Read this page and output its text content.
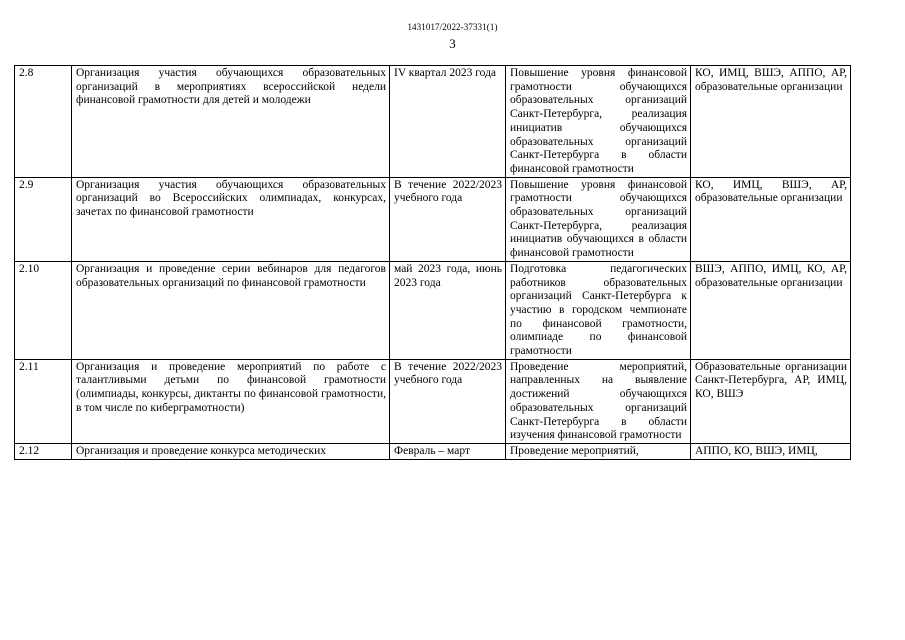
1431017/2022-37331(1)
3
2.8	Организация участия обучающихся образовательных организаций в мероприятиях всероссийской недели финансовой грамотности для детей и молодежи	IV квартал 2023 года	Повышение уровня финансовой грамотности обучающихся образовательных организаций Санкт-Петербурга, реализация инициатив обучающихся образовательных организаций Санкт-Петербурга в области финансовой грамотности	КО, ИМЦ, ВШЭ, АППО, АР, образовательные организации
2.9	Организация участия обучающихся образовательных организаций во Всероссийских олимпиадах, конкурсах, зачетах по финансовой грамотности	В течение 2022/2023 учебного года	Повышение уровня финансовой грамотности обучающихся образовательных организаций Санкт-Петербурга, реализация инициатив обучающихся в области финансовой грамотности	КО, ИМЦ, ВШЭ, АР, образовательные организации
2.10	Организация и проведение серии вебинаров для педагогов образовательных организаций по финансовой грамотности	май 2023 года, июнь 2023 года	Подготовка педагогических работников образовательных организаций Санкт-Петербурга к участию в городском чемпионате по финансовой грамотности, олимпиаде по финансовой грамотности	ВШЭ, АППО, ИМЦ, КО, АР, образовательные организации
2.11	Организация и проведение мероприятий по работе с талантливыми детьми по финансовой грамотности (олимпиады, конкурсы, диктанты по финансовой грамотности, в том числе по киберграмотности)	В течение 2022/2023 учебного года	Проведение мероприятий, направленных на выявление достижений обучающихся образовательных организаций Санкт-Петербурга в области изучения финансовой грамотности	Образовательные организации Санкт-Петербурга, АР, ИМЦ, КО, ВШЭ
2.12	Организация и проведение конкурса методических	Февраль – март	Проведение мероприятий,	АППО, КО, ВШЭ, ИМЦ,
